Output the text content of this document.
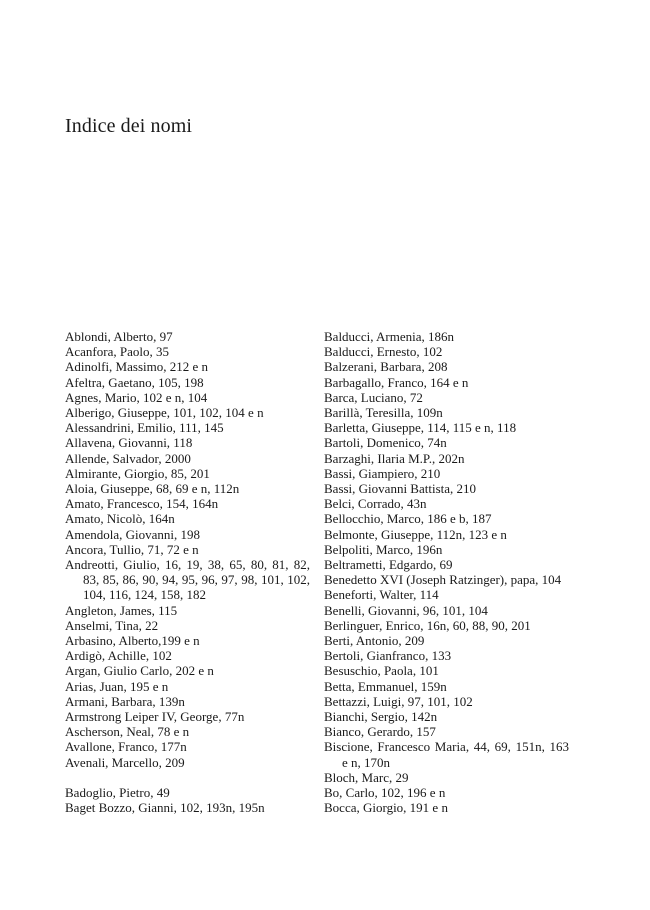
Indice dei nomi
Ablondi, Alberto, 97
Acanfora, Paolo, 35
Adinolfi, Massimo, 212 e n
Afeltra, Gaetano, 105, 198
Agnes, Mario, 102 e n, 104
Alberigo, Giuseppe, 101, 102, 104 e n
Alessandrini, Emilio, 111, 145
Allavena, Giovanni, 118
Allende, Salvador, 2000
Almirante, Giorgio, 85, 201
Aloia, Giuseppe, 68, 69 e n, 112n
Amato, Francesco, 154, 164n
Amato, Nicolò, 164n
Amendola, Giovanni, 198
Ancora, Tullio, 71, 72 e n
Andreotti, Giulio, 16, 19, 38, 65, 80, 81, 82, 83, 85, 86, 90, 94, 95, 96, 97, 98, 101, 102, 104, 116, 124, 158, 182
Angleton, James, 115
Anselmi, Tina, 22
Arbasino, Alberto,199 e n
Ardigò, Achille, 102
Argan, Giulio Carlo, 202 e n
Arias, Juan, 195 e n
Armani, Barbara, 139n
Armstrong Leiper IV, George, 77n
Ascherson, Neal, 78 e n
Avallone, Franco, 177n
Avenali, Marcello, 209
Badoglio, Pietro, 49
Baget Bozzo, Gianni, 102, 193n, 195n
Balducci, Armenia, 186n
Balducci, Ernesto, 102
Balzerani, Barbara, 208
Barbagallo, Franco, 164 e n
Barca, Luciano, 72
Barillà, Teresilla, 109n
Barletta, Giuseppe, 114, 115 e n, 118
Bartoli, Domenico, 74n
Barzaghi, Ilaria M.P., 202n
Bassi, Giampiero, 210
Bassi, Giovanni Battista, 210
Belci, Corrado, 43n
Bellocchio, Marco, 186 e b, 187
Belmonte, Giuseppe, 112n, 123 e n
Belpoliti, Marco, 196n
Beltrametti, Edgardo, 69
Benedetto XVI (Joseph Ratzinger), papa, 104
Beneforti, Walter, 114
Benelli, Giovanni, 96, 101, 104
Berlinguer, Enrico, 16n, 60, 88, 90, 201
Berti, Antonio, 209
Bertoli, Gianfranco, 133
Besuschio, Paola, 101
Betta, Emmanuel, 159n
Bettazzi, Luigi, 97, 101, 102
Bianchi, Sergio, 142n
Bianco, Gerardo, 157
Biscione, Francesco Maria, 44, 69, 151n, 163 e n, 170n
Bloch, Marc, 29
Bo, Carlo, 102, 196 e n
Bocca, Giorgio, 191 e n
